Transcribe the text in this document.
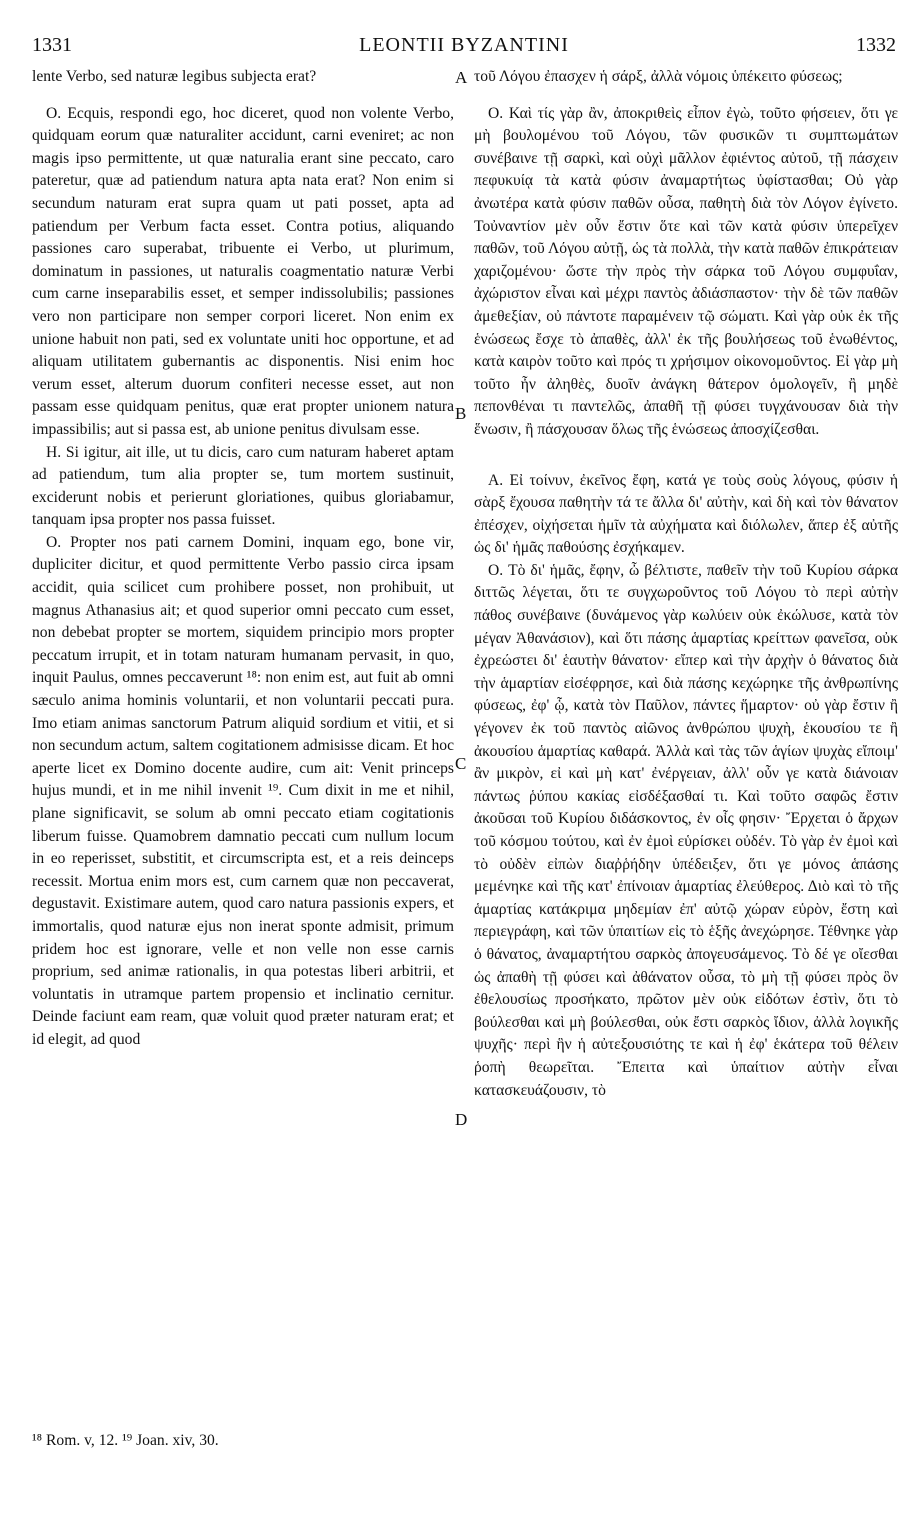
1331	LEONTII BYZANTINI	1332

lente Verbo, sed naturæ legibus subjecta erat?

O. Ecquis, respondi ego, hoc diceret, quod non volente Verbo, quidquam eorum quæ naturaliter accidunt, carni eveniret; ac non magis ipso permittente, ut quæ naturalia erant sine peccato, caro pateretur, quæ ad patiendum natura apta nata erat? Non enim si secundum naturam erat supra quam ut pati posset, apta ad patiendum per Verbum facta esset. Contra potius, aliquando passiones caro superabat, tribuente ei Verbo, ut plurimum, dominatum in passiones, ut naturalis coagmentatio naturæ Verbi cum carne inseparabilis esset, et semper indissolubilis; passiones vero non participare non semper corpori liceret. Non enim ex unione habuit non pati, sed ex voluntate uniti hoc opportune, et ad aliquam utilitatem gubernantis ac disponentis. Nisi enim hoc verum esset, alterum duorum confiteri necesse esset, aut non passam esse quidquam penitus, quæ erat propter unionem natura impassibilis; aut si passa est, ab unione penitus divulsam esse.

H. Si igitur, ait ille, ut tu dicis, caro cum naturam haberet aptam ad patiendum, tum alia propter se, tum mortem sustinuit, exciderunt nobis et perierunt gloriationes, quibus gloriabamur, tanquam ipsa propter nos passa fuisset.

O. Propter nos pati carnem Domini, inquam ego, bone vir, dupliciter dicitur, et quod permittente Verbo passio circa ipsam accidit, quia scilicet cum prohibere posset, non prohibuit, ut magnus Athanasius ait; et quod superior omni peccato cum esset, non debebat propter se mortem, siquidem principio mors propter peccatum irrupit, et in totam naturam humanam pervasit, in quo, inquit Paulus, omnes peccaverunt ¹⁸: non enim est, aut fuit ab omni sæculo anima hominis voluntarii, et non voluntarii peccati pura. Imo etiam animas sanctorum Patrum aliquid sordium et vitii, et si non secundum actum, saltem cogitationem admisisse dicam. Et hoc aperte licet ex Domino docente audire, cum ait: Venit princeps hujus mundi, et in me nihil invenit ¹⁹. Cum dixit in me et nihil, plane significavit, se solum ab omni peccato etiam cogitationis liberum fuisse. Quamobrem damnatio peccati cum nullum locum in eo reperisset, substitit, et circumscripta est, et a reis deinceps recessit. Mortua enim mors est, cum carnem quæ non peccaverat, degustavit. Existimare autem, quod caro natura passionis expers, et immortalis, quod naturæ ejus non inerat sponte admisit, primum pridem hoc est ignorare, velle et non velle non esse carnis proprium, sed animæ rationalis, in qua potestas liberi arbitrii, et voluntatis in utramque partem propensio et inclinatio cernitur. Deinde faciunt eam ream, quæ voluit quod præter naturam erat; et id elegit, ad quod

A
B
C
D

τοῦ Λόγου ἐπασχεν ἡ σάρξ, ἀλλὰ νόμοις ὑπέκειτο φύσεως;

O. Καὶ τίς γὰρ ἂν, ἀποκριθεὶς εἶπον ἐγὼ, τοῦτο φήσειεν, ὅτι γε μὴ βουλομένου τοῦ Λόγου, τῶν φυσικῶν τι συμπτωμάτων συνέβαινε τῇ σαρκὶ, καὶ οὐχὶ μᾶλλον ἐφιέντος αὐτοῦ, τῇ πάσχειν πεφυκυίᾳ τὰ κατὰ φύσιν ἀναμαρτήτως ὑφίστασθαι; Οὐ γὰρ ἀνωτέρα κατὰ φύσιν παθῶν οὖσα, παθητὴ διὰ τὸν Λόγον ἐγίνετο. Τοὐναντίον μὲν οὖν ἔστιν ὅτε καὶ τῶν κατὰ φύσιν ὑπερεῖχεν παθῶν, τοῦ Λόγου αὐτῇ, ὡς τὰ πολλὰ, τὴν κατὰ παθῶν ἐπικράτειαν χαριζομένου· ὥστε τὴν πρὸς τὴν σάρκα τοῦ Λόγου συμφυΐαν, ἀχώριστον εἶναι καὶ μέχρι παντὸς ἀδιάσπαστον· τὴν δὲ τῶν παθῶν ἀμεθεξίαν, οὐ πάντοτε παραμένειν τῷ σώματι. Καὶ γὰρ οὐκ ἐκ τῆς ἑνώσεως ἔσχε τὸ ἀπαθὲς, ἀλλ' ἐκ τῆς βουλήσεως τοῦ ἑνωθέντος, κατὰ καιρὸν τοῦτο καὶ πρός τι χρήσιμον οἰκονομοῦντος. Εἰ γὰρ μὴ τοῦτο ἦν ἀληθὲς, δυοῖν ἀνάγκη θάτερον ὁμολογεῖν, ἢ μηδὲ πεπονθέναι τι παντελῶς, ἀπαθῆ τῇ φύσει τυγχάνουσαν διὰ τὴν ἕνωσιν, ἢ πάσχουσαν ὅλως τῆς ἑνώσεως ἀποσχίζεσθαι.

A. Εἰ τοίνυν, ἐκεῖνος ἔφη, κατά γε τοὺς σοὺς λόγους, φύσιν ἡ σὰρξ ἔχουσα παθητὴν τά τε ἄλλα δι' αὐτὴν, καὶ δὴ καὶ τὸν θάνατον ἐπέσχεν, οἰχήσεται ἡμῖν τὰ αὐχήματα καὶ διόλωλεν, ἅπερ ἐξ αὐτῆς ὡς δι' ἡμᾶς παθούσης ἐσχήκαμεν.

O. Τὸ δι' ἡμᾶς, ἔφην, ὦ βέλτιστε, παθεῖν τὴν τοῦ Κυρίου σάρκα διττῶς λέγεται, ὅτι τε συγχωροῦντος τοῦ Λόγου τὸ περὶ αὐτὴν πάθος συνέβαινε (δυνάμενος γὰρ κωλύειν οὐκ ἐκώλυσε, κατὰ τὸν μέγαν Ἀθανάσιον), καὶ ὅτι πάσης ἁμαρτίας κρείττων φανεῖσα, οὐκ ἐχρεώστει δι' ἑαυτὴν θάνατον· εἴπερ καὶ τὴν ἀρχὴν ὁ θάνατος διὰ τὴν ἁμαρτίαν εἰσέφρησε, καὶ διὰ πάσης κεχώρηκε τῆς ἀνθρωπίνης φύσεως, ἐφ' ᾧ, κατὰ τὸν Παῦλον, πάντες ἥμαρτον· οὐ γὰρ ἔστιν ἢ γέγονεν ἐκ τοῦ παντὸς αἰῶνος ἀνθρώπου ψυχὴ, ἑκουσίου τε ἢ ἀκουσίου ἁμαρτίας καθαρά. Ἀλλὰ καὶ τὰς τῶν ἁγίων ψυχὰς εἴποιμ' ἂν μικρὸν, εἰ καὶ μὴ κατ' ἐνέργειαν, ἀλλ' οὖν γε κατὰ διάνοιαν πάντως ῥύπου κακίας εἰσδέξασθαί τι. Καὶ τοῦτο σαφῶς ἔστιν ἀκοῦσαι τοῦ Κυρίου διδάσκοντος, ἐν οἷς φησιν· Ἔρχεται ὁ ἄρχων τοῦ κόσμου τούτου, καὶ ἐν ἐμοὶ εὑρίσκει οὐδέν. Τὸ γὰρ ἐν ἐμοὶ καὶ τὸ οὐδὲν εἰπὼν διαῤῥήδην ὑπέδειξεν, ὅτι γε μόνος ἁπάσης μεμένηκε καὶ τῆς κατ' ἐπίνοιαν ἁμαρτίας ἐλεύθερος. Διὸ καὶ τὸ τῆς ἁμαρτίας κατάκριμα μηδεμίαν ἐπ' αὐτῷ χώραν εὑρὸν, ἔστη καὶ περιεγράφη, καὶ τῶν ὑπαιτίων εἰς τὸ ἑξῆς ἀνεχώρησε. Τέθνηκε γὰρ ὁ θάνατος, ἀναμαρτήτου σαρκὸς ἀπογευσάμενος. Τὸ δέ γε οἴεσθαι ὡς ἀπαθὴ τῇ φύσει καὶ ἀθάνατον οὖσα, τὸ μὴ τῇ φύσει πρὸς ὃν ἐθελουσίως προσήκατο, πρῶτον μὲν οὐκ εἰδότων ἐστὶν, ὅτι τὸ βούλεσθαι καὶ μὴ βούλεσθαι, οὐκ ἔστι σαρκὸς ἴδιον, ἀλλὰ λογικῆς ψυχῆς· περὶ ἣν ἡ αὐτεξουσιότης τε καὶ ἡ ἐφ' ἑκάτερα τοῦ θέλειν ῥοπὴ θεωρεῖται. Ἔπειτα καὶ ὑπαίτιον αὐτὴν εἶναι κατασκευάζουσιν, τὸ

¹⁸ Rom. v, 12. ¹⁹ Joan. xiv, 30.
